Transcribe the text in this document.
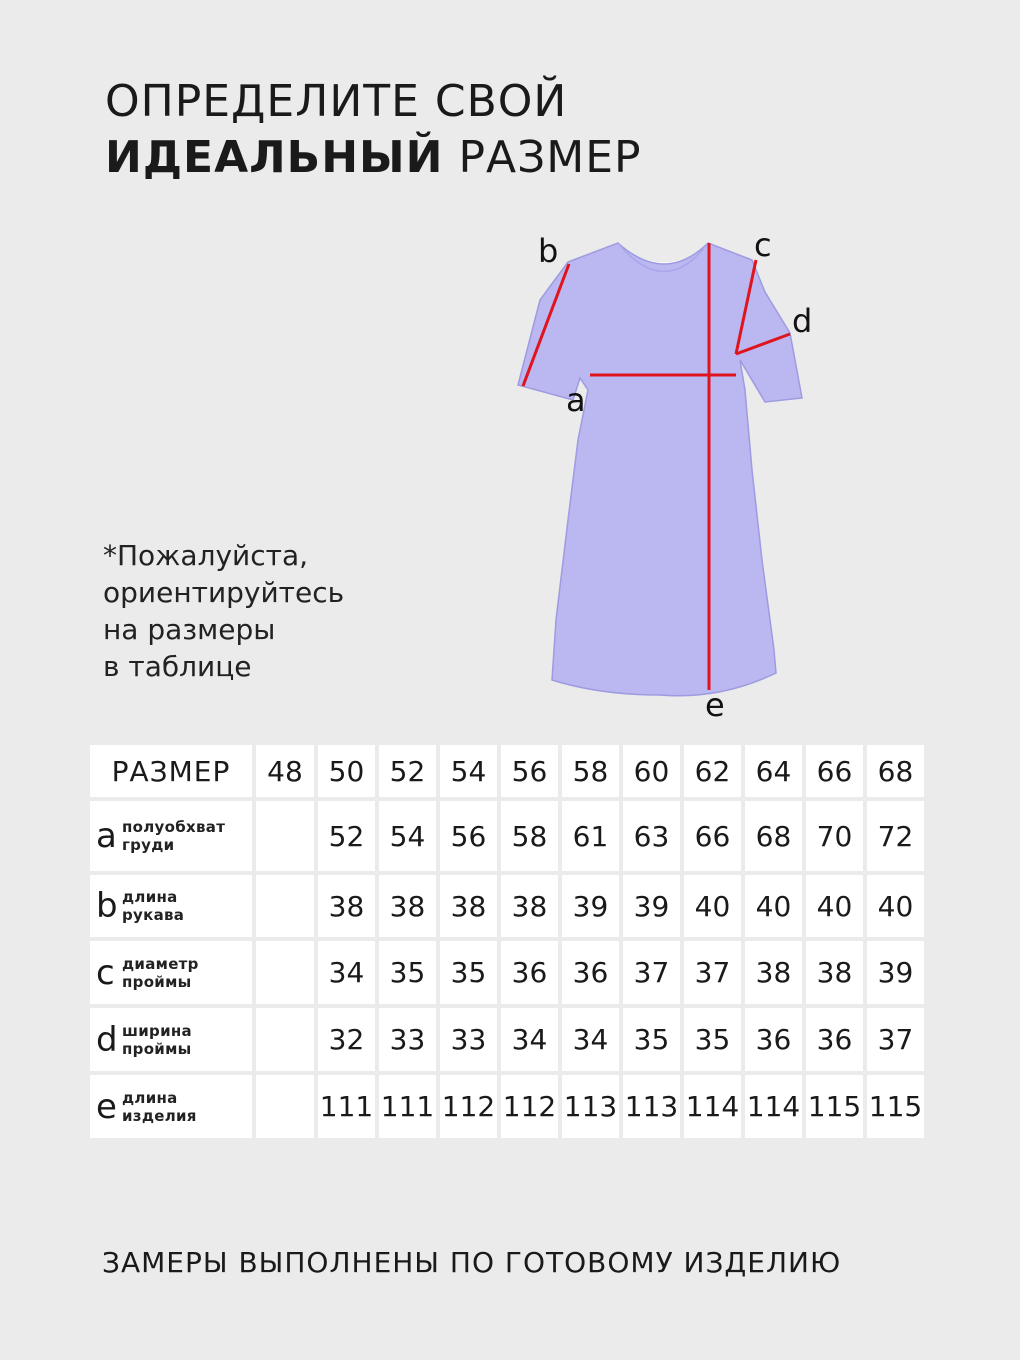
ОПРЕДЕЛИТЕ СВОЙ
ИДЕАЛЬНЫЙ РАЗМЕР
*Пожалуйста,
ориентируйтесь
на размеры
в таблице
b	c
d
a
e
РАЗМЕР	48	50	52	54	56	58	60	62	64	66	68
a полуобхват
груди		52	54	56	58	61	63	66	68	70	72
b длина
рукава		38	38	38	38	39	39	40	40	40	40
c диаметр
проймы		34	35	35	36	36	37	37	38	38	39
d ширина
проймы		32	33	33	34	34	35	35	36	36	37
e длина
изделия		111	111	112	112	113	113	114	114	115	115
ЗАМЕРЫ ВЫПОЛНЕНЫ ПО ГОТОВОМУ ИЗДЕЛИЮ
